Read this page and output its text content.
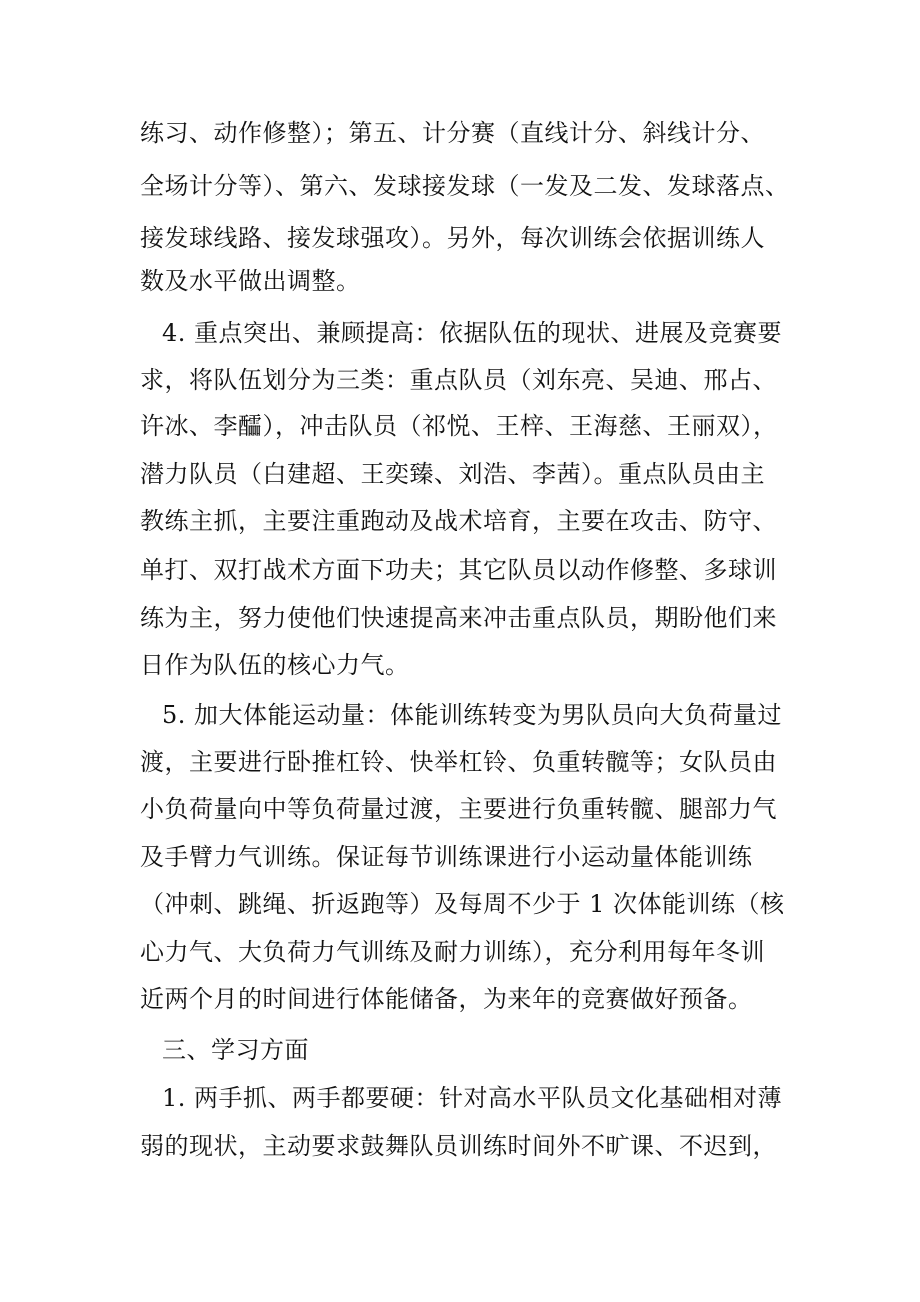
练习、动作修整）；第五、计分赛（直线计分、斜线计分、
全场计分等）、第六、发球接发球（一发及二发、发球落点、
接发球线路、接发球强攻）。另外，每次训练会依据训练人
数及水平做出调整。
4. 重点突出、兼顾提高：依据队伍的现状、进展及竞赛要
求，将队伍划分为三类：重点队员（刘东亮、吴迪、邢占、
许冰、李醽），冲击队员（祁悦、王梓、王海慈、王丽双），
潜力队员（白建超、王奕臻、刘浩、李茜）。重点队员由主
教练主抓，主要注重跑动及战术培育，主要在攻击、防守、
单打、双打战术方面下功夫；其它队员以动作修整、多球训
练为主，努力使他们快速提高来冲击重点队员，期盼他们来
日作为队伍的核心力气。
5. 加大体能运动量：体能训练转变为男队员向大负荷量过
渡，主要进行卧推杠铃、快举杠铃、负重转髋等；女队员由
小负荷量向中等负荷量过渡，主要进行负重转髋、腿部力气
及手臂力气训练。保证每节训练课进行小运动量体能训练
（冲刺、跳绳、折返跑等）及每周不少于 1 次体能训练（核
心力气、大负荷力气训练及耐力训练），充分利用每年冬训
近两个月的时间进行体能储备，为来年的竞赛做好预备。
三、学习方面
1. 两手抓、两手都要硬：针对高水平队员文化基础相对薄
弱的现状，主动要求鼓舞队员训练时间外不旷课、不迟到，
